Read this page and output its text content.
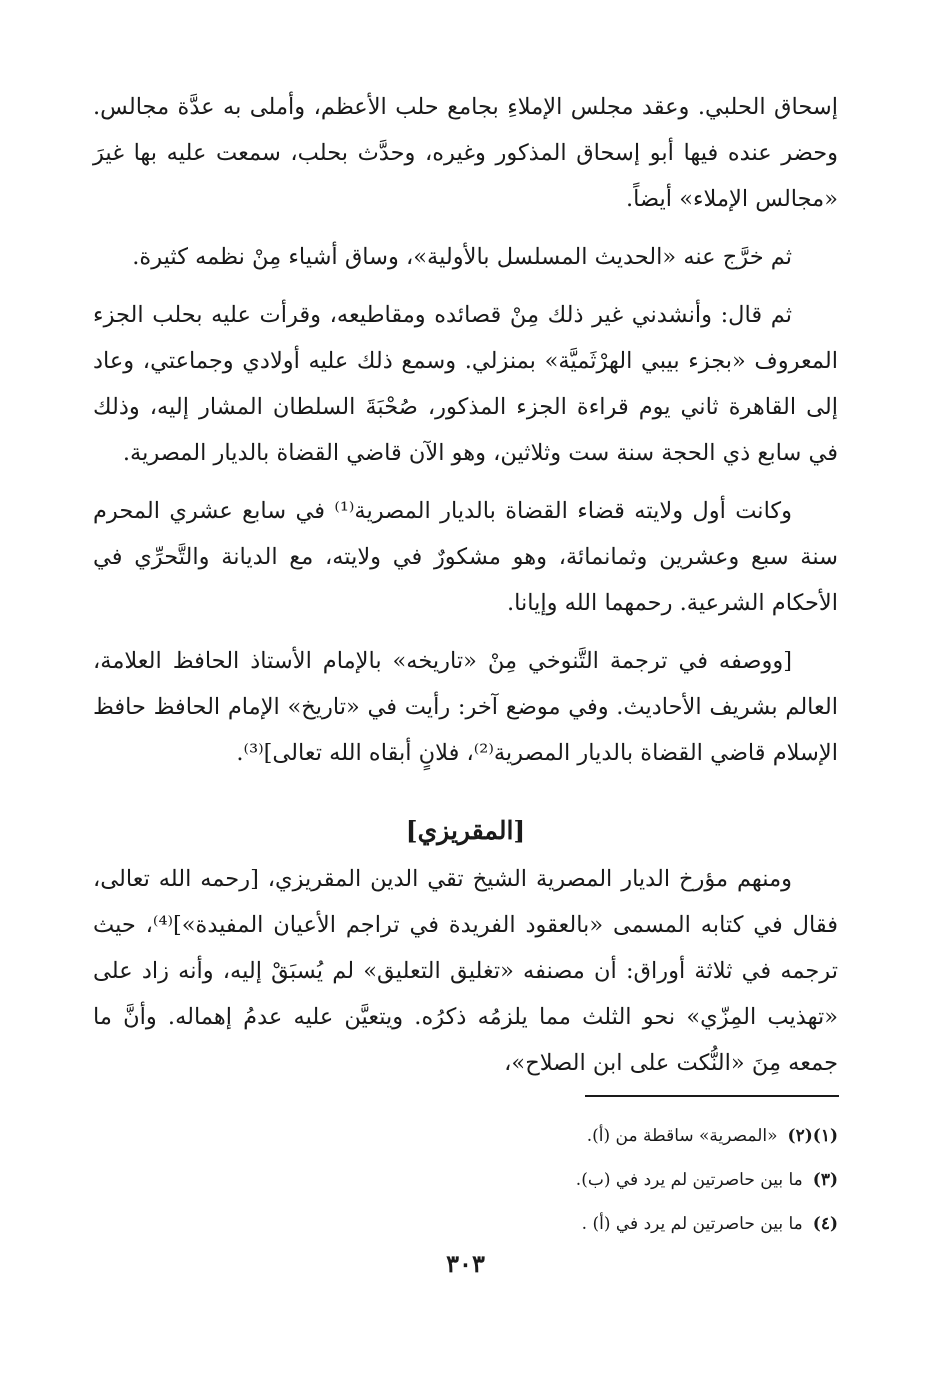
إسحاق الحلبي. وعقد مجلس الإملاءِ بجامع حلب الأعظم، وأملى به عدَّة مجالس. وحضر عنده فيها أبو إسحاق المذكور وغيره، وحدَّث بحلب، سمعت عليه بها غيرَ «مجالس الإملاء» أيضاً.

ثم خرَّج عنه «الحديث المسلسل بالأولية»، وساق أشياء مِنْ نظمه كثيرة.

ثم قال: وأنشدني غير ذلك مِنْ قصائده ومقاطيعه، وقرأت عليه بحلب الجزء المعروف «بجزء بيبي الهرْثَميَّة» بمنزلي. وسمع ذلك عليه أولادي وجماعتي، وعاد إلى القاهرة ثاني يوم قراءة الجزء المذكور، صُحْبَةَ السلطان المشار إليه، وذلك في سابع ذي الحجة سنة ست وثلاثين، وهو الآن قاضي القضاة بالديار المصرية.

وكانت أول ولايته قضاء القضاة بالديار المصرية⁽¹⁾ في سابع عشري المحرم سنة سبع وعشرين وثمانمائة، وهو مشكورٌ في ولايته، مع الديانة والتَّحرِّي في الأحكام الشرعية. رحمهما الله وإيانا.

[ووصفه في ترجمة التَّنوخي مِنْ «تاريخه» بالإمام الأستاذ الحافظ العلامة، العالم بشريف الأحاديث. وفي موضع آخر: رأيت في «تاريخ» الإمام الحافظ حافظ الإسلام قاضي القضاة بالديار المصرية⁽²⁾، فلانٍ أبقاه الله تعالى]⁽³⁾.

[المقريزي]

ومنهم مؤرخ الديار المصرية الشيخ تقي الدين المقريزي، [رحمه الله تعالى، فقال في كتابه المسمى «بالعقود الفريدة في تراجم الأعيان المفيدة»]⁽⁴⁾، حيث ترجمه في ثلاثة أوراق: أن مصنفه «تغليق التعليق» لم يُسبَقْ إليه، وأنه زاد على «تهذيب المِزّي» نحو الثلث مما يلزمُه ذكرُه. ويتعيَّن عليه عدمُ إهماله. وأنَّ ما جمعه مِنَ «النُّكت على ابن الصلاح»،

(١)(٢)«المصرية» ساقطة من (أ).

(٣)ما بين حاصرتين لم يرد في (ب).

(٤)ما بين حاصرتين لم يرد في (أ) .

٣٠٣
